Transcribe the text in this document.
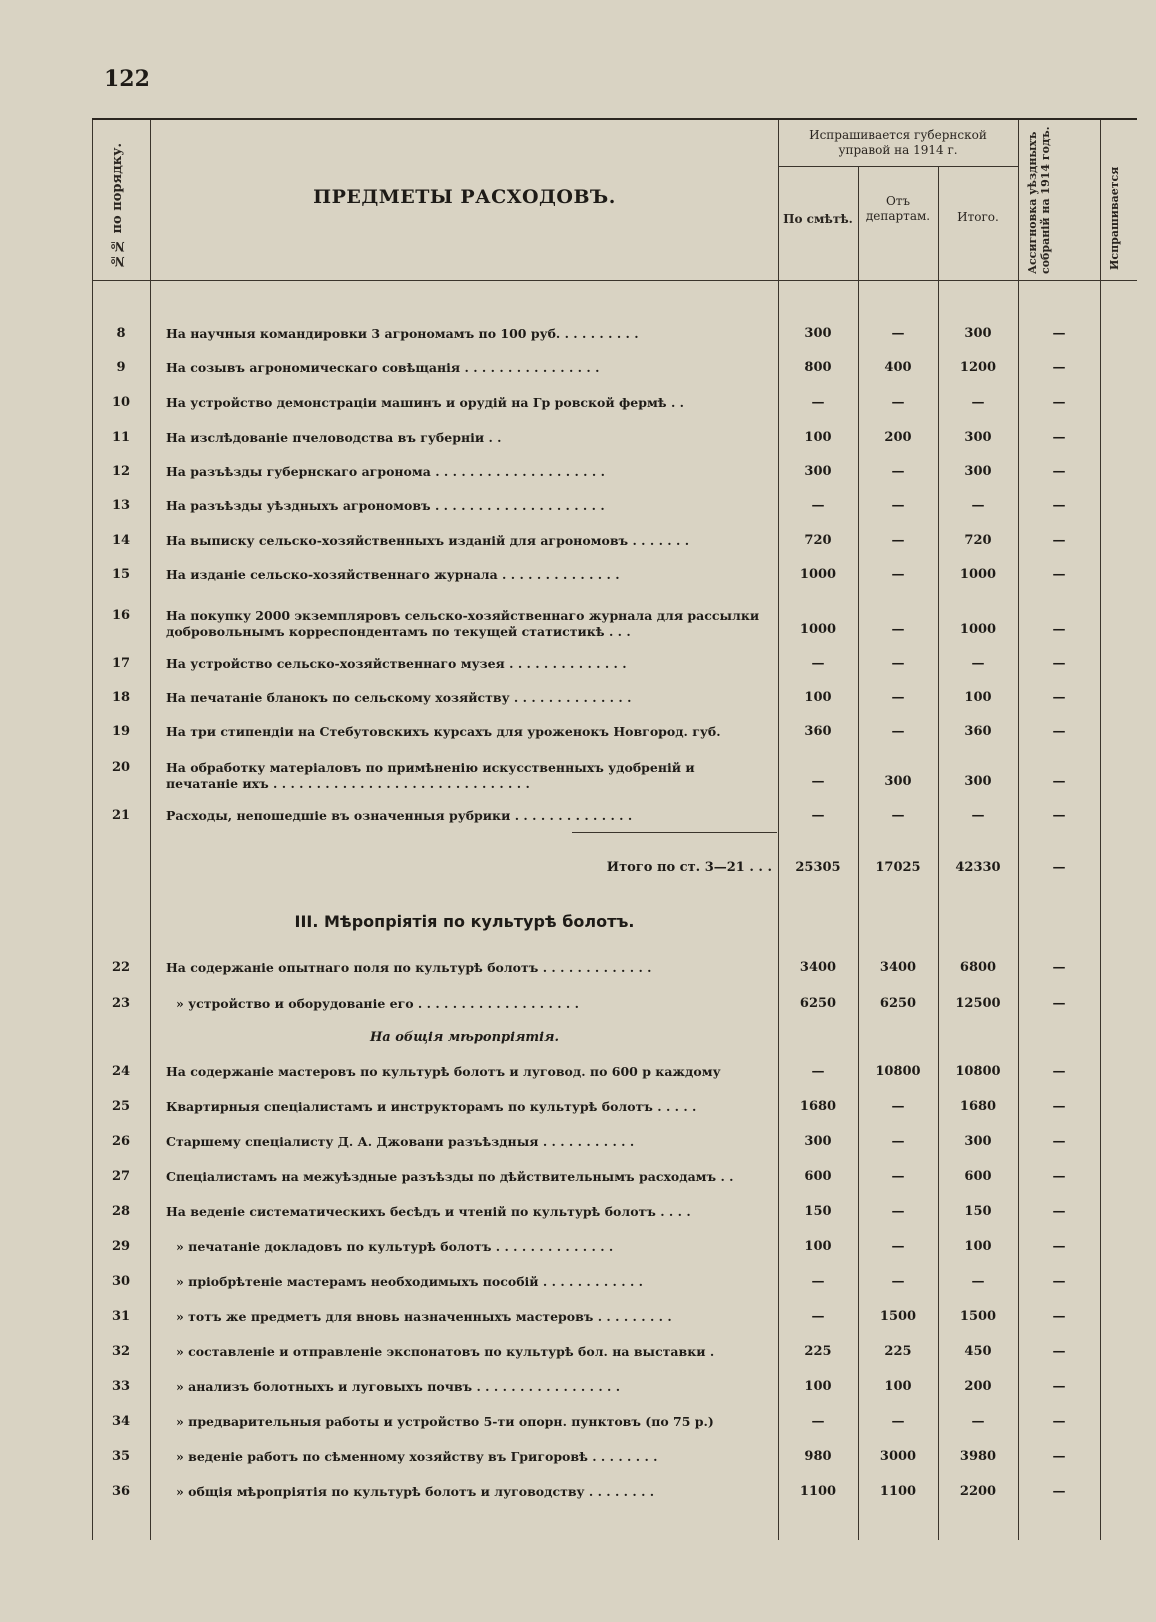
122
№№ по порядку.	ПРЕДМЕТЫ РАСХОДОВЪ.
Испрашивается губернской управой на 1914 г.
По смѣтѣ.
Отъ департам.	Итого.	Ассигновка уѣздныхъ собраній на 1914 годъ.	Испрашивается
8	На научныя командировки 3 агрономамъ по 100 руб. . . . . . . . . .	300	—	300	—
9	На созывъ агрономическаго совѣщанія . . . . . . . . . . . . . . . .	800	400	1200	—
10	На устройство демонстраціи машинъ и орудій на Гр ровской фермѣ . .	—	—	—	—
11	На изслѣдованіе пчеловодства въ губерніи . .	100	200	300	—
12	На разъѣзды губернскаго агронома . . . . . . . . . . . . . . . . . . . .	300	—	300	—
13	На разъѣзды уѣздныхъ агрономовъ . . . . . . . . . . . . . . . . . . . .	—	—	—	—
14	На выписку сельско-хозяйственныхъ изданій для агрономовъ . . . . . . .	720	—	720	—
15	На изданіе сельско-хозяйственнаго журнала . . . . . . . . . . . . . .	1000	—	1000	—
16	На покупку 2000 экземпляровъ сельско-хозяйственнаго журнала для рассылки добровольнымъ корреспондентамъ по текущей статистикѣ . . .	1000	—	1000	—
17	На устройство сельско-хозяйственнаго музея . . . . . . . . . . . . . .	—	—	—	—
18	На печатаніе бланокъ по сельскому хозяйству . . . . . . . . . . . . . .	100	—	100	—
19	На три стипендіи на Стебутовскихъ курсахъ для уроженокъ Новгород. губ.	360	—	360	—
20	На обработку матеріаловъ по примѣненію искусственныхъ удобреній и печатаніе ихъ . . . . . . . . . . . . . . . . . . . . . . . . . . . . . .	—	300	300	—
21	Расходы, непошедшіе въ означенныя рубрики . . . . . . . . . . . . . .	—	—	—	—
Итого по ст. 3—21 . . .	25305	17025	42330	—
III. Мѣропріятія по культурѣ болотъ.
22	На содержаніе опытнаго поля по культурѣ болотъ . . . . . . . . . . . . .	3400	3400	6800	—
23	» устройство и оборудованіе его . . . . . . . . . . . . . . . . . . .	6250	6250	12500	—
На общія мѣропріятія.
24	На содержаніе мастеровъ по культурѣ болотъ и луговод. по 600 р каждому	—	10800	10800	—
25	Квартирныя спеціалистамъ и инструкторамъ по культурѣ болотъ . . . . .	1680	—	1680	—
26	Старшему спеціалисту Д. А. Джовани разъѣздныя . . . . . . . . . . .	300	—	300	—
27	Спеціалистамъ на межуѣздные разъѣзды по дѣйствительнымъ расходамъ . .	600	—	600	—
28	На веденіе систематическихъ бесѣдъ и чтеній по культурѣ болотъ . . . .	150	—	150	—
29	» печатаніе докладовъ по культурѣ болотъ . . . . . . . . . . . . . .	100	—	100	—
30	» пріобрѣтеніе мастерамъ необходимыхъ пособій . . . . . . . . . . . .	—	—	—	—
31	» тотъ же предметъ для вновь назначенныхъ мастеровъ . . . . . . . . .	—	1500	1500	—
32	» составленіе и отправленіе экспонатовъ по культурѣ бол. на выставки .	225	225	450	—
33	» анализъ болотныхъ и луговыхъ почвъ . . . . . . . . . . . . . . . . .	100	100	200	—
34	» предварительныя работы и устройство 5-ти опорн. пунктовъ (по 75 р.)	—	—	—	—
35	» веденіе работъ по сѣменному хозяйству въ Григоровѣ . . . . . . . .	980	3000	3980	—
36	» общія мѣропріятія по культурѣ болотъ и луговодству . . . . . . . .	1100	1100	2200	—
